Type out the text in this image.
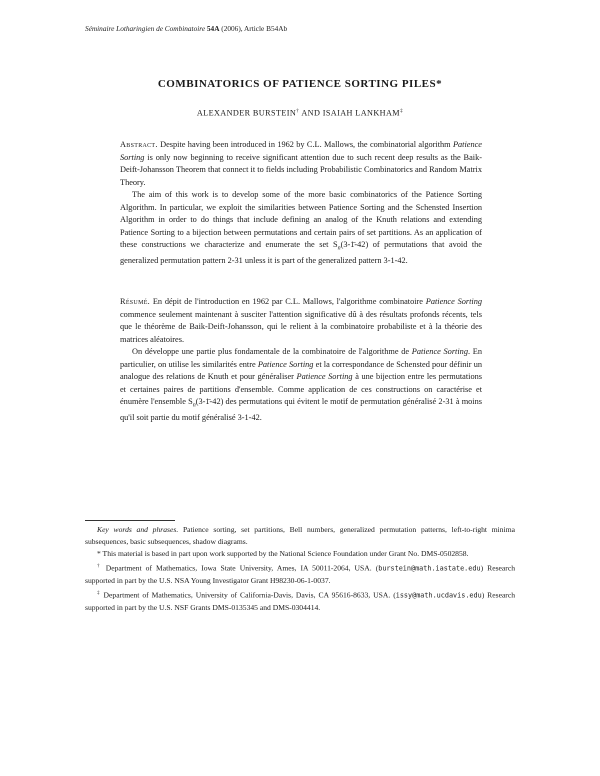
Séminaire Lotharingien de Combinatoire 54A (2006), Article B54Ab
COMBINATORICS OF PATIENCE SORTING PILES*
ALEXANDER BURSTEIN† AND ISAIAH LANKHAM‡

Abstract. Despite having been introduced in 1962 by C.L. Mallows, the combinatorial algorithm Patience Sorting is only now beginning to receive significant attention due to such recent deep results as the Baik-Deift-Johansson Theorem that connect it to fields including Probabilistic Combinatorics and Random Matrix Theory.

The aim of this work is to develop some of the more basic combinatorics of the Patience Sorting Algorithm. In particular, we exploit the similarities between Patience Sorting and the Schensted Insertion Algorithm in order to do things that include defining an analog of the Knuth relations and extending Patience Sorting to a bijection between permutations and certain pairs of set partitions. As an application of these constructions we characterize and enumerate the set $S_n(3-1̄-42)$ of permutations that avoid the generalized permutation pattern 2-31 unless it is part of the generalized pattern 3-1-42.

Résumé. En dépit de l'introduction en 1962 par C.L. Mallows, l'algorithme combinatoire Patience Sorting commence seulement maintenant à susciter l'attention significative dû à des résultats profonds récents, tels que le théorème de Baik-Deift-Johansson, qui le relient à la combinatoire probabiliste et à la théorie des matrices aléatoires.

On développe une partie plus fondamentale de la combinatoire de l'algorithme de Patience Sorting. En particulier, on utilise les similarités entre Patience Sorting et la correspondance de Schensted pour définir un analogue des relations de Knuth et pour généraliser Patience Sorting à une bijection entre les permutations et certaines paires de partitions d'ensemble. Comme application de ces constructions on caractérise et énumère l'ensemble $S_n(3-1̄-42)$ des permutations qui évitent le motif de permutation généralisé 2-31 à moins qu'il soit partie du motif généralisé 3-1-42.

Key words and phrases. Patience sorting, set partitions, Bell numbers, generalized permutation patterns, left-to-right minima subsequences, basic subsequences, shadow diagrams.

* This material is based in part upon work supported by the National Science Foundation under Grant No. DMS-0502858.

† Department of Mathematics, Iowa State University, Ames, IA 50011-2064, USA. (burstein@math.iastate.edu) Research supported in part by the U.S. NSA Young Investigator Grant H98230-06-1-0037.

‡ Department of Mathematics, University of California-Davis, Davis, CA 95616-8633, USA. (issy@math.ucdavis.edu) Research supported in part by the U.S. NSF Grants DMS-0135345 and DMS-0304414.
